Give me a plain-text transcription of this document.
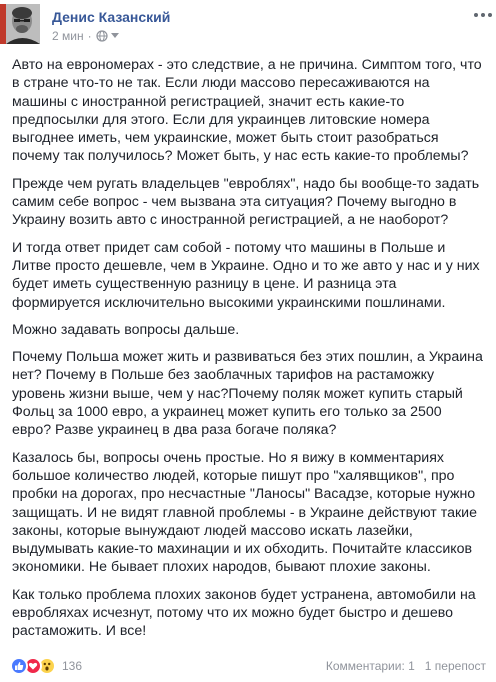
Денис Казанский
2 мин ·

Авто на еврономерах - это следствие, а не причина. Симптом того, что в стране что-то не так. Если люди массово пересаживаются на машины с иностранной регистрацией, значит есть какие-то предпосылки для этого. Если для украинцев литовские номера выгоднее иметь, чем украинские, может быть стоит разобраться почему так получилось? Может быть, у нас есть какие-то проблемы?

Прежде чем ругать владельцев "евроблях", надо бы вообще-то задать самим себе вопрос - чем вызвана эта ситуация? Почему выгодно в Украину возить авто с иностранной регистрацией, а не наоборот?

И тогда ответ придет сам собой - потому что машины в Польше и Литве просто дешевле, чем в Украине. Одно и то же авто у нас и у них будет иметь существенную разницу в цене. И разница эта формируется исключительно высокими украинскими пошлинами.

Можно задавать вопросы дальше.

Почему Польша может жить и развиваться без этих пошлин, а Украина нет? Почему в Польше без заоблачных тарифов на растаможку уровень жизни выше, чем у нас?Почему поляк может купить старый Фольц за 1000 евро, а украинец может купить его только за 2500 евро? Разве украинец в два раза богаче поляка?

Казалось бы, вопросы очень простые. Но я вижу в комментариях большое количество людей, которые пишут про "халявщиков", про пробки на дорогах, про несчастные "Ланосы" Васадзе, которые нужно защищать. И не видят главной проблемы - в Украине действуют такие законы, которые вынуждают людей массово искать лазейки, выдумывать какие-то махинации и их обходить. Почитайте классиков экономики. Не бывает плохих народов, бывают плохие законы.

Как только проблема плохих законов будет устранена, автомобили на евробляхах исчезнут, потому что их можно будет быстро и дешево растаможить. И все!

136	Комментарии: 1 1 перепост
